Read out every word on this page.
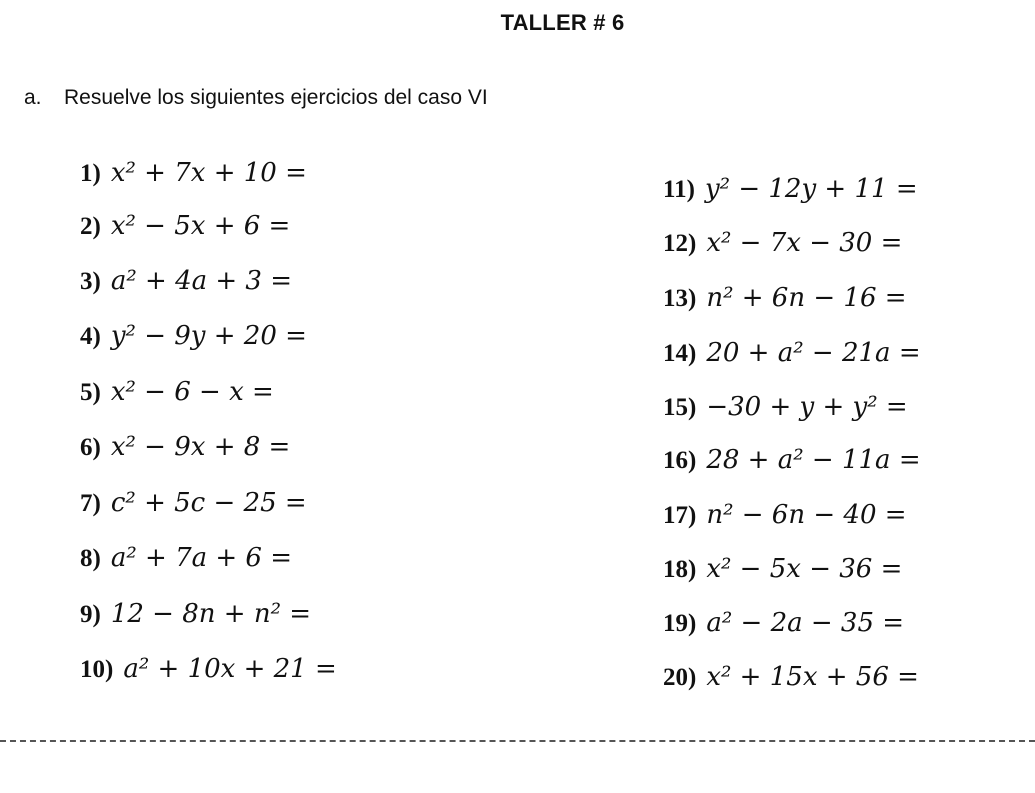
TALLER # 6
a. Resuelve los siguientes ejercicios del caso VI
1) x² + 7x + 10 =
2) x² − 5x + 6 =
3) a² + 4a + 3 =
4) y² − 9y + 20 =
5) x² − 6 − x =
6) x² − 9x + 8 =
7) c² + 5c − 25 =
8) a² + 7a + 6 =
9) 12 − 8n + n² =
10) a² + 10x + 21 =
11) y² − 12y + 11 =
12) x² − 7x − 30 =
13) n² + 6n − 16 =
14) 20 + a² − 21a =
15) −30 + y + y² =
16) 28 + a² − 11a =
17) n² − 6n − 40 =
18) x² − 5x − 36 =
19) a² − 2a − 35 =
20) x² + 15x + 56 =
